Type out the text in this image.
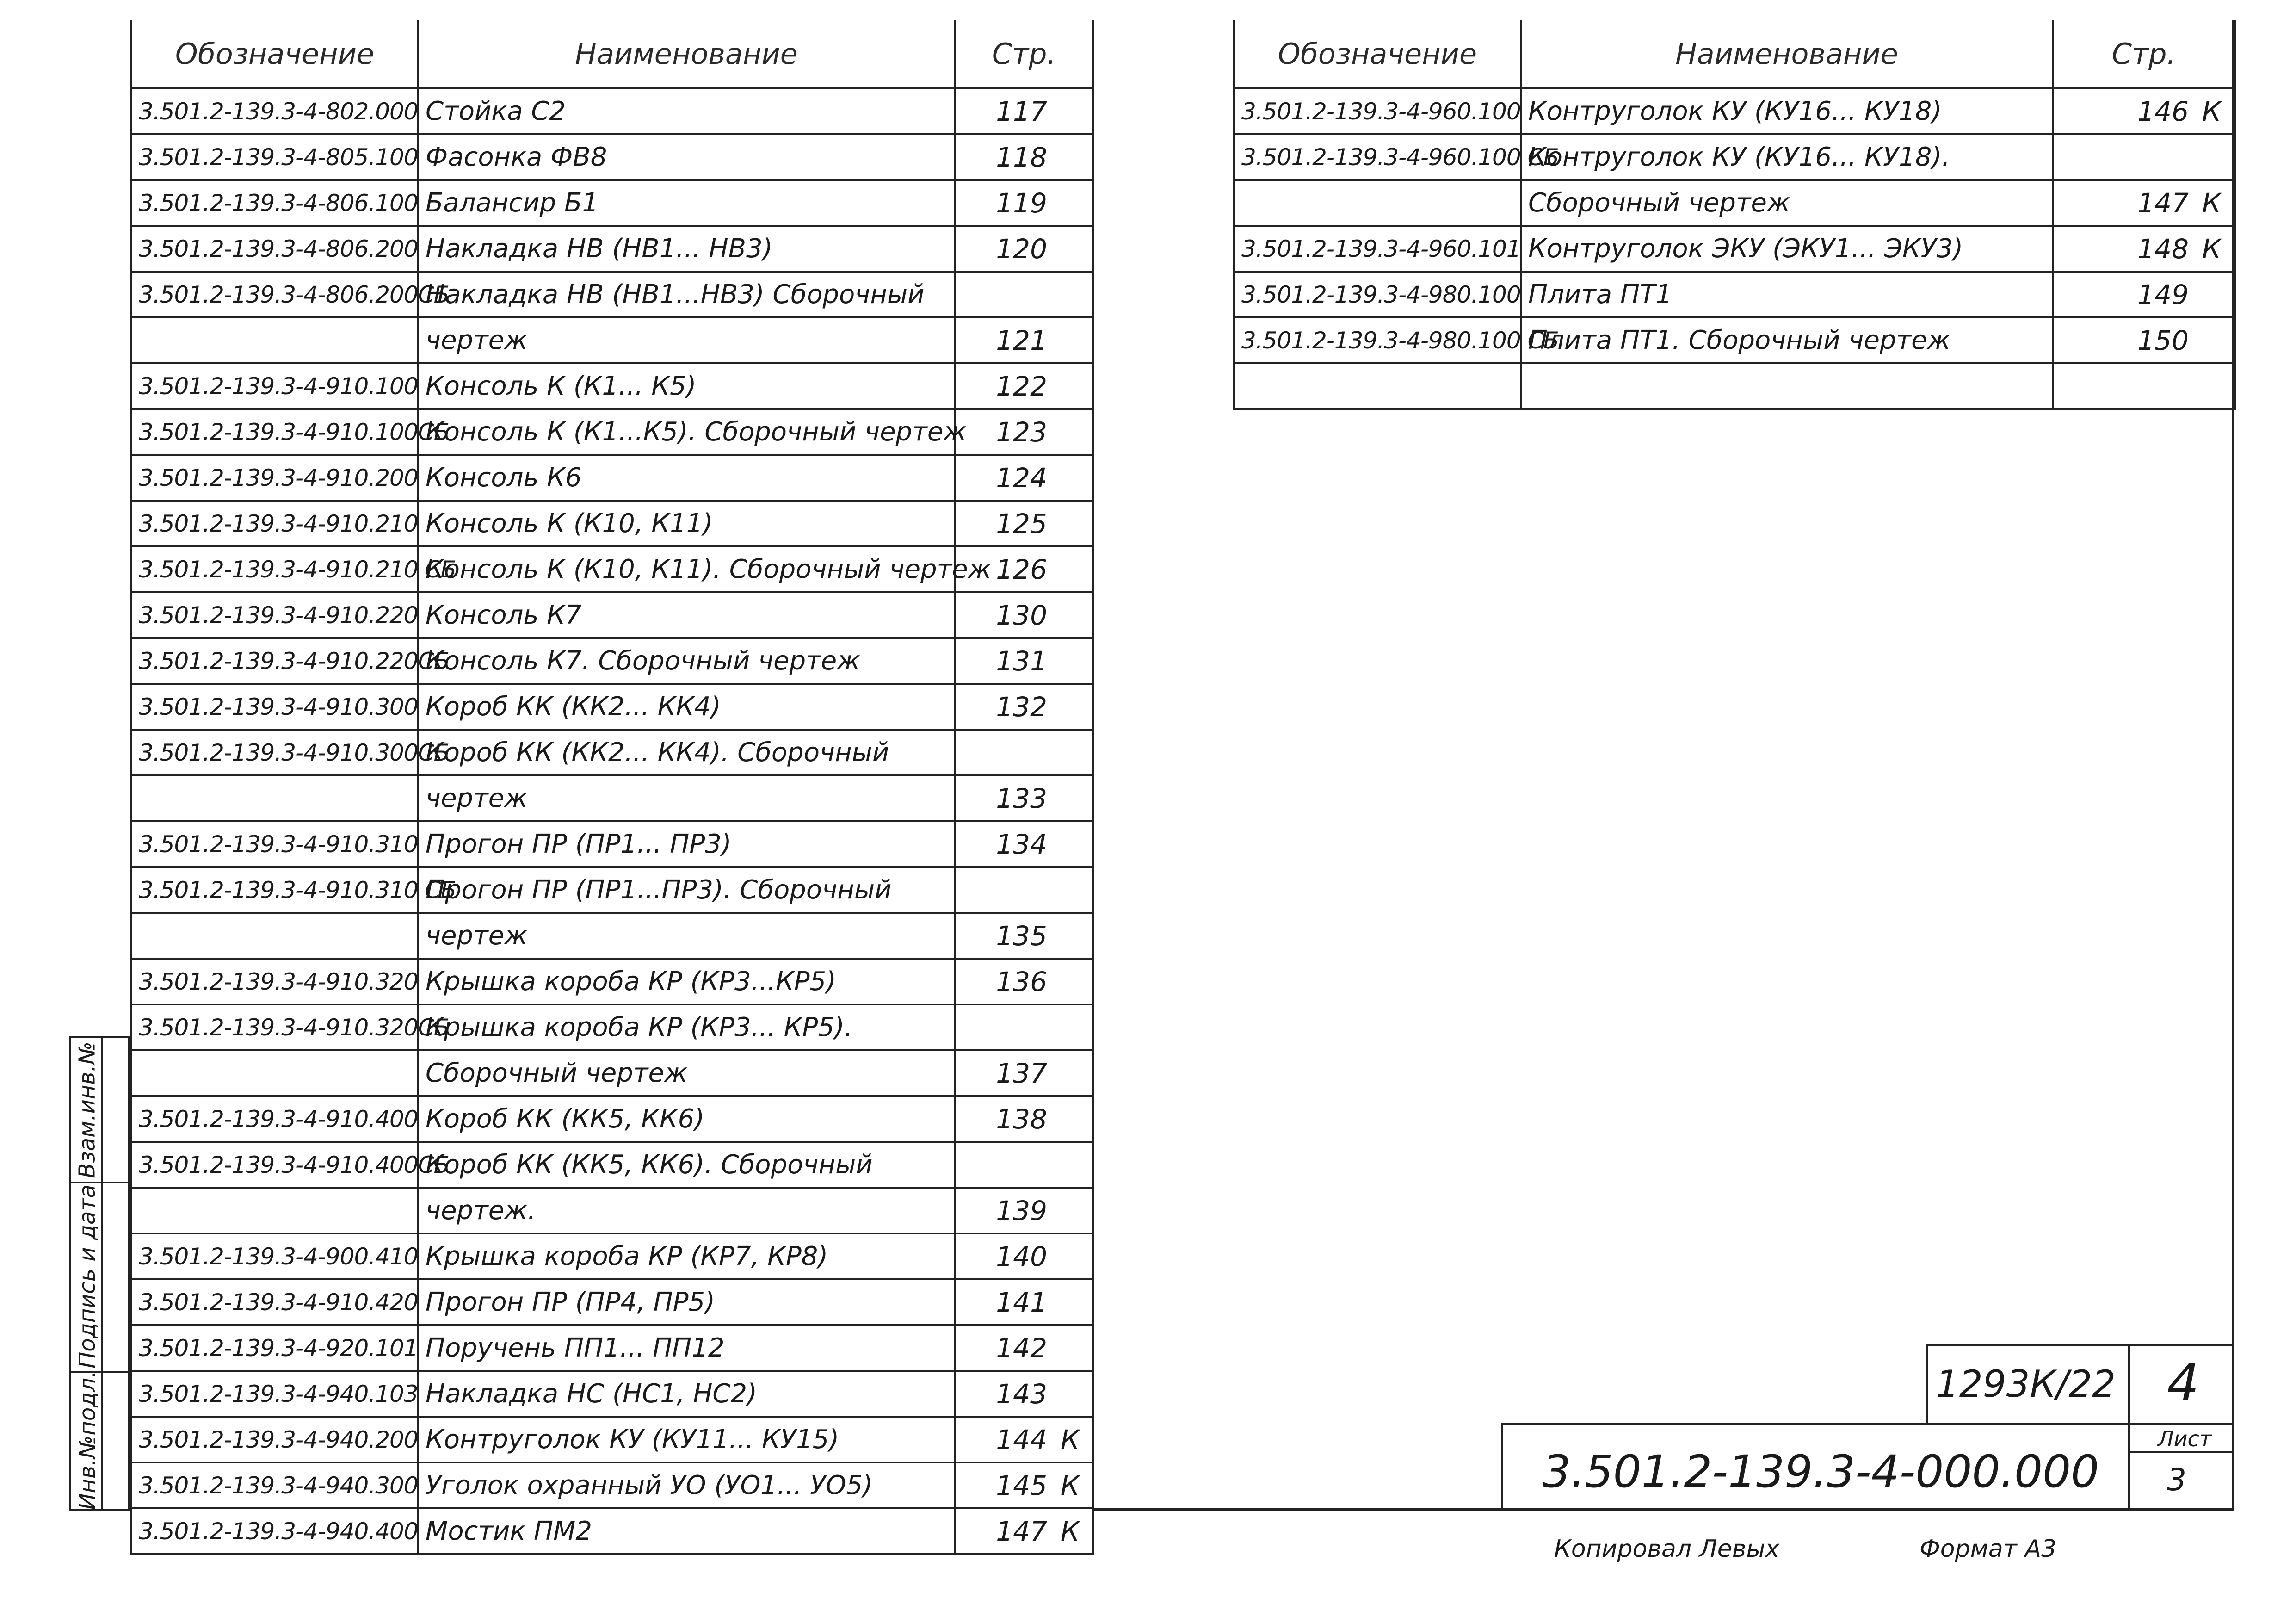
Обозначение	Наименование	Стр.
3.501.2-139.3-4-802.000	Стойка С2	117
3.501.2-139.3-4-805.100	Фасонка ФВ8	118
3.501.2-139.3-4-806.100	Балансир Б1	119
3.501.2-139.3-4-806.200	Накладка НВ (НВ1... НВ3)	120
3.501.2-139.3-4-806.200СБ	Накладка НВ (НВ1...НВ3) Сборочный	
	чертеж	121
3.501.2-139.3-4-910.100	Консоль К (К1... К5)	122
3.501.2-139.3-4-910.100СБ	Консоль К (К1...К5). Сборочный чертеж	123
3.501.2-139.3-4-910.200	Консоль К6	124
3.501.2-139.3-4-910.210	Консоль К (К10, К11)	125
3.501.2-139.3-4-910.210 СБ	Консоль К (К10, К11). Сборочный чертеж	126
3.501.2-139.3-4-910.220	Консоль К7	130
3.501.2-139.3-4-910.220СБ	Консоль К7. Сборочный чертеж	131
3.501.2-139.3-4-910.300	Короб КК (КК2... КК4)	132
3.501.2-139.3-4-910.300СБ	Короб КК (КК2... КК4). Сборочный	
	чертеж	133
3.501.2-139.3-4-910.310	Прогон ПР (ПР1... ПР3)	134
3.501.2-139.3-4-910.310 СБ	Прогон ПР (ПР1...ПР3). Сборочный	
	чертеж	135
3.501.2-139.3-4-910.320	Крышка короба КР (КР3...КР5)	136
3.501.2-139.3-4-910.320СБ	Крышка короба КР (КР3... КР5).	
	Сборочный чертеж	137
3.501.2-139.3-4-910.400	Короб КК (КК5, КК6)	138
3.501.2-139.3-4-910.400СБ	Короб КК (КК5, КК6). Сборочный	
	чертеж.	139
3.501.2-139.3-4-900.410	Крышка короба КР (КР7, КР8)	140
3.501.2-139.3-4-910.420	Прогон ПР (ПР4, ПР5)	141
3.501.2-139.3-4-920.101	Поручень ПП1... ПП12	142
3.501.2-139.3-4-940.103	Накладка НС (НС1, НС2)	143
3.501.2-139.3-4-940.200	Контруголок КУ (КУ11... КУ15)	144 К
3.501.2-139.3-4-940.300	Уголок охранный УО (УО1... УО5)	145 К
3.501.2-139.3-4-940.400	Мостик ПМ2	147 К
Обозначение	Наименование	Стр.
3.501.2-139.3-4-960.100	Контруголок КУ (КУ16... КУ18)	146 К
3.501.2-139.3-4-960.100 СБ	Контруголок КУ (КУ16... КУ18).	
	Сборочный чертеж	147 К
3.501.2-139.3-4-960.101	Контруголок ЭКУ (ЭКУ1... ЭКУ3)	148 К
3.501.2-139.3-4-980.100	Плита ПТ1	149
3.501.2-139.3-4-980.100 СБ	Плита ПТ1. Сборочный чертеж	150

Взам.инв.№
Подпись и дата
Инв.№подл.	1293К/22 4
3.501.2-139.3-4-000.000
Лист
3
Копировал Левых	Формат А3
